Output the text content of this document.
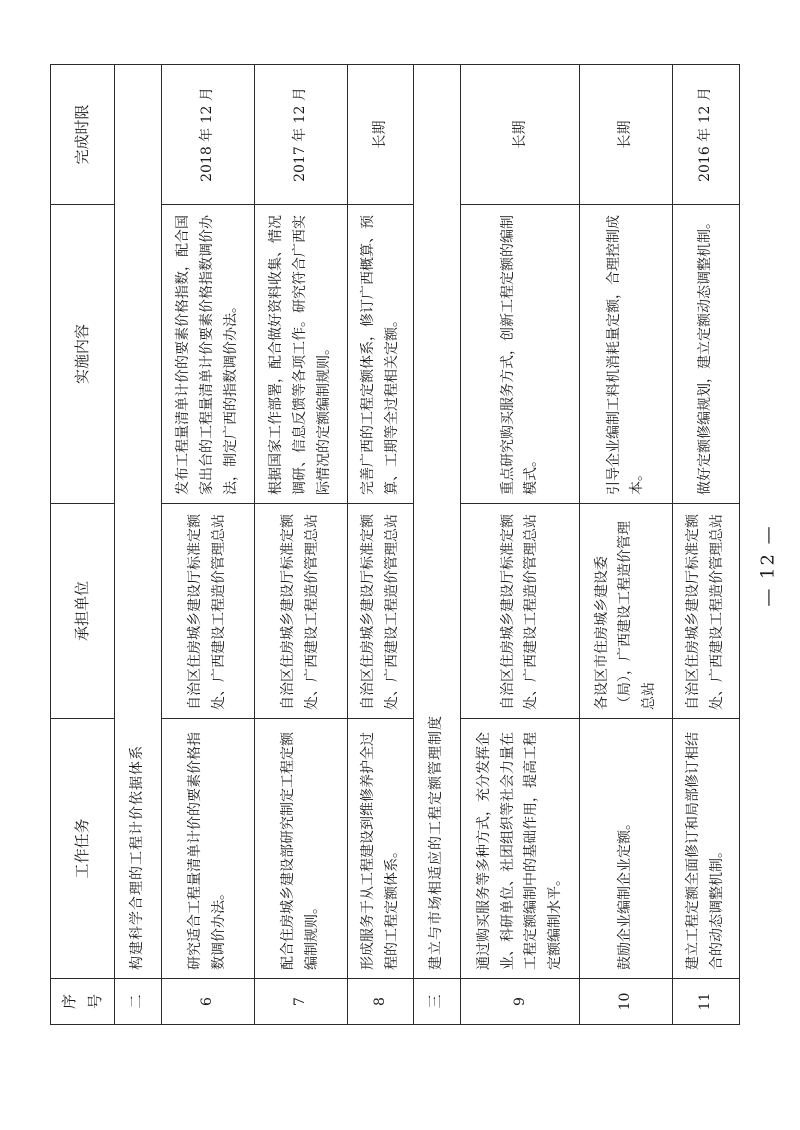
序号	工作任务	承担单位	实施内容	完成时限
二	构建科学合理的工程计价依据体系			
6	研究适合工程量清单计价的要素价格指数调价办法。	自治区住房城乡建设厅标准定额处、广西建设工程造价管理总站	发布工程量清单计价的要素价格指数，配合国家出台的工程量清单计价要素价格指数调价办法，制定广西的指数调价办法。	2018 年 12 月
7	配合住房城乡建设部研究制定工程定额编制规则。	自治区住房城乡建设厅标准定额处、广西建设工程造价管理总站	根据国家工作部署，配合做好资料收集、情况调研、信息反馈等各项工作。研究符合广西实际情况的定额编制规则。	2017 年 12 月
8	形成服务于从工程建设到维修养护全过程的工程定额体系。	自治区住房城乡建设厅标准定额处、广西建设工程造价管理总站	完善广西的工程定额体系，修订广西概算、预算、工期等全过程相关定额。	长期
三	建立与市场相适应的工程定额管理制度			
9	通过购买服务等多种方式，充分发挥企业、科研单位、社团组织等社会力量在工程定额编制中的基础作用，提高工程定额编制水平。	自治区住房城乡建设厅标准定额处、广西建设工程造价管理总站	重点研究购买服务方式，创新工程定额的编制模式。	长期
10	鼓励企业编制企业定额。	各设区市住房城乡建设委（局），广西建设工程造价管理总站	引导企业编制工料机消耗量定额，合理控制成本。	长期
11	建立工程定额全面修订和局部修订相结合的动态调整机制。	自治区住房城乡建设厅标准定额处、广西建设工程造价管理总站	做好定额修编规划，建立定额动态调整机制。	2016 年 12 月
— 12 —
